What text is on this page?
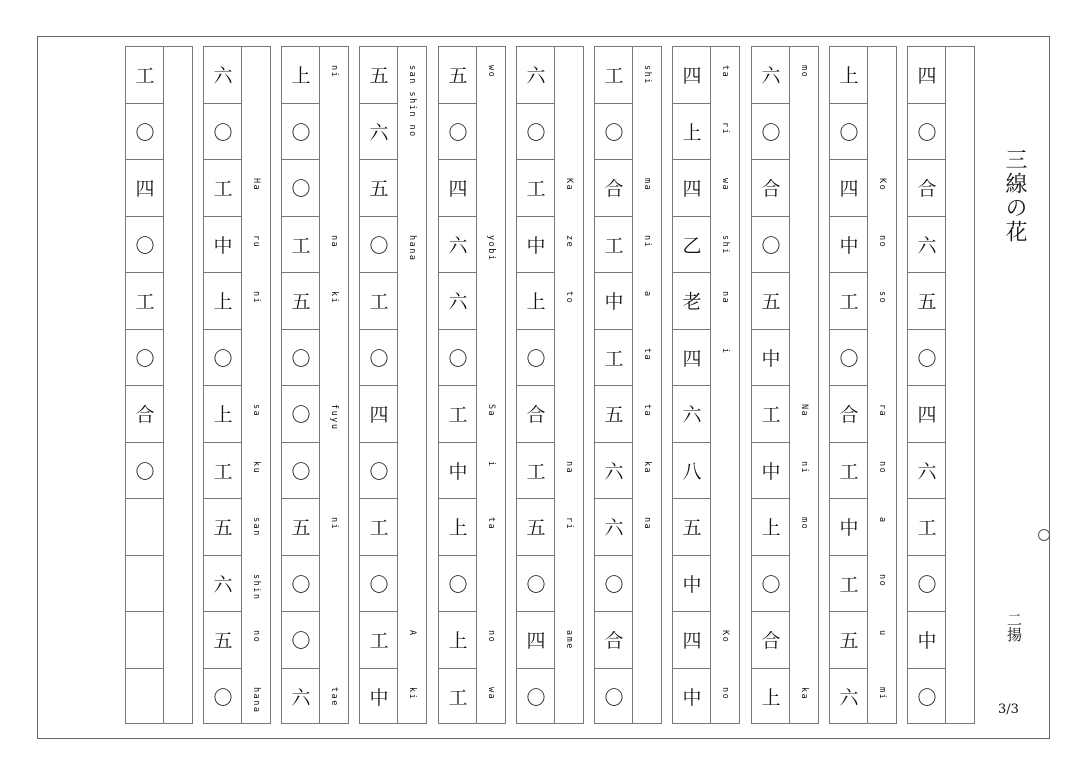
四
〇
合
六
五
〇
四
六
工
〇
中
〇
上
〇
四
中
工
〇
合
工
中
工
五
六
Ko
no
so
ra
no
a
no
u
mi
六
〇
合
〇
五
中
工
中
上
〇
合
上
mo
Na
ni
mo
ka
四
上
四
乙
老
四
六
八
五
中
四
中
ta
ri
wa
shi
na
i
Ko
no
工
〇
合
工
中
工
五
六
六
〇
合
〇
shi
ma
ni
a
ta
ta
ka
na
六
〇
工
中
上
〇
合
工
五
〇
四
〇
Ka
ze
to
na
ri
ame
五
〇
四
六
六
〇
工
中
上
〇
上
工
wo
yobi
Sa
i
ta
no
wa
五
六
五
〇
工
〇
四
〇
工
〇
工
中
san shin no
hana
A
ki
上
〇
〇
工
五
〇
〇
〇
五
〇
〇
六
ni
na
ki
fuyu
ni
tae
六
〇
工
中
上
〇
上
工
五
六
五
〇
Ha
ru
ni
sa
ku
san
shin
no
hana
工
〇
四
〇
工
〇
合
〇
三線の花
二揚
3/3
